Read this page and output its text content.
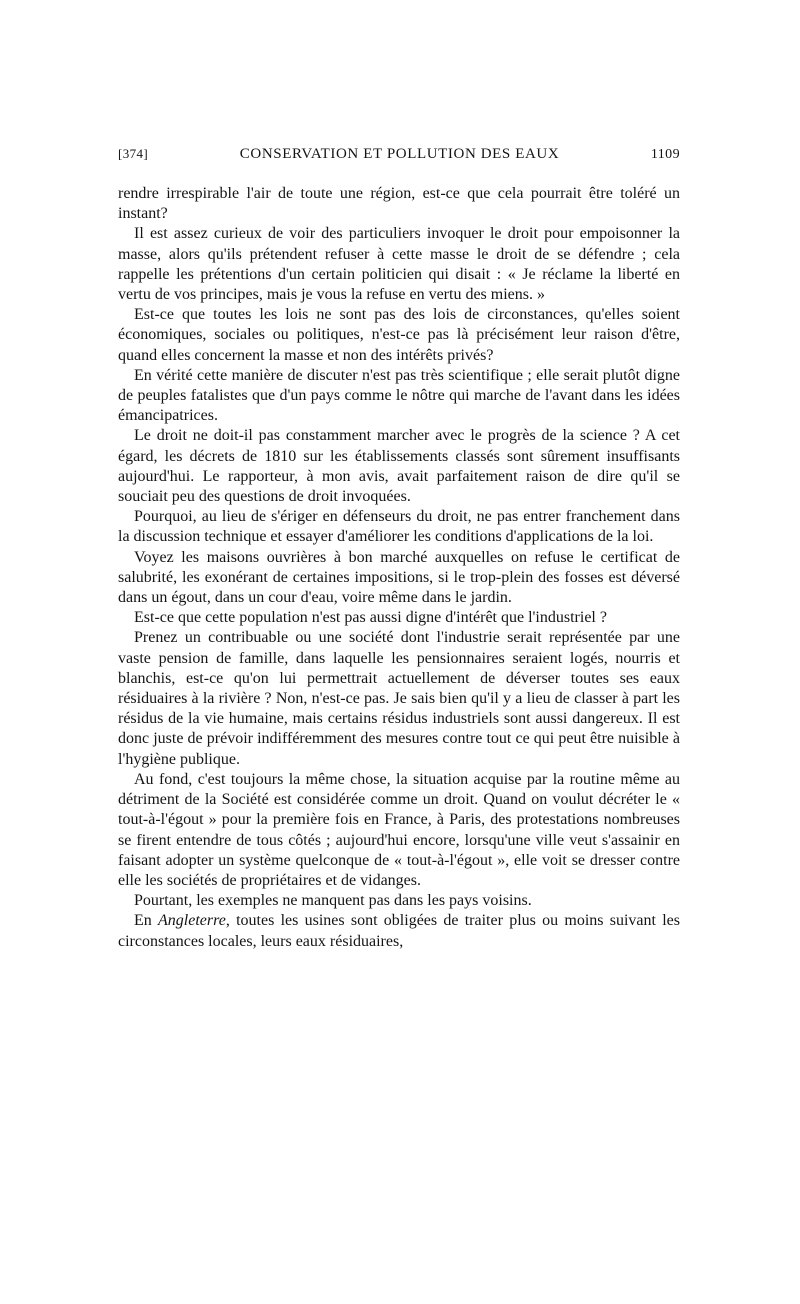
[374]	CONSERVATION ET POLLUTION DES EAUX	1109

rendre irrespirable l'air de toute une région, est-ce que cela pourrait être toléré un instant?

Il est assez curieux de voir des particuliers invoquer le droit pour empoisonner la masse, alors qu'ils prétendent refuser à cette masse le droit de se défendre ; cela rappelle les prétentions d'un certain politicien qui disait : « Je réclame la liberté en vertu de vos principes, mais je vous la refuse en vertu des miens. »

Est-ce que toutes les lois ne sont pas des lois de circonstances, qu'elles soient économiques, sociales ou politiques, n'est-ce pas là précisément leur raison d'être, quand elles concernent la masse et non des intérêts privés?

En vérité cette manière de discuter n'est pas très scientifique ; elle serait plutôt digne de peuples fatalistes que d'un pays comme le nôtre qui marche de l'avant dans les idées émancipatrices.

Le droit ne doit-il pas constamment marcher avec le progrès de la science ? A cet égard, les décrets de 1810 sur les établissements classés sont sûrement insuffisants aujourd'hui. Le rapporteur, à mon avis, avait parfaitement raison de dire qu'il se souciait peu des questions de droit invoquées.

Pourquoi, au lieu de s'ériger en défenseurs du droit, ne pas entrer franchement dans la discussion technique et essayer d'améliorer les conditions d'applications de la loi.

Voyez les maisons ouvrières à bon marché auxquelles on refuse le certificat de salubrité, les exonérant de certaines impositions, si le trop-plein des fosses est déversé dans un égout, dans un cour d'eau, voire même dans le jardin.

Est-ce que cette population n'est pas aussi digne d'intérêt que l'industriel ?

Prenez un contribuable ou une société dont l'industrie serait représentée par une vaste pension de famille, dans laquelle les pensionnaires seraient logés, nourris et blanchis, est-ce qu'on lui permettrait actuellement de déverser toutes ses eaux résiduaires à la rivière ? Non, n'est-ce pas. Je sais bien qu'il y a lieu de classer à part les résidus de la vie humaine, mais certains résidus industriels sont aussi dangereux. Il est donc juste de prévoir indifféremment des mesures contre tout ce qui peut être nuisible à l'hygiène publique.

Au fond, c'est toujours la même chose, la situation acquise par la routine même au détriment de la Société est considérée comme un droit. Quand on voulut décréter le « tout-à-l'égout » pour la première fois en France, à Paris, des protestations nombreuses se firent entendre de tous côtés ; aujourd'hui encore, lorsqu'une ville veut s'assainir en faisant adopter un système quelconque de « tout-à-l'égout », elle voit se dresser contre elle les sociétés de propriétaires et de vidanges.

Pourtant, les exemples ne manquent pas dans les pays voisins.

En Angleterre, toutes les usines sont obligées de traiter plus ou moins suivant les circonstances locales, leurs eaux résiduaires,
